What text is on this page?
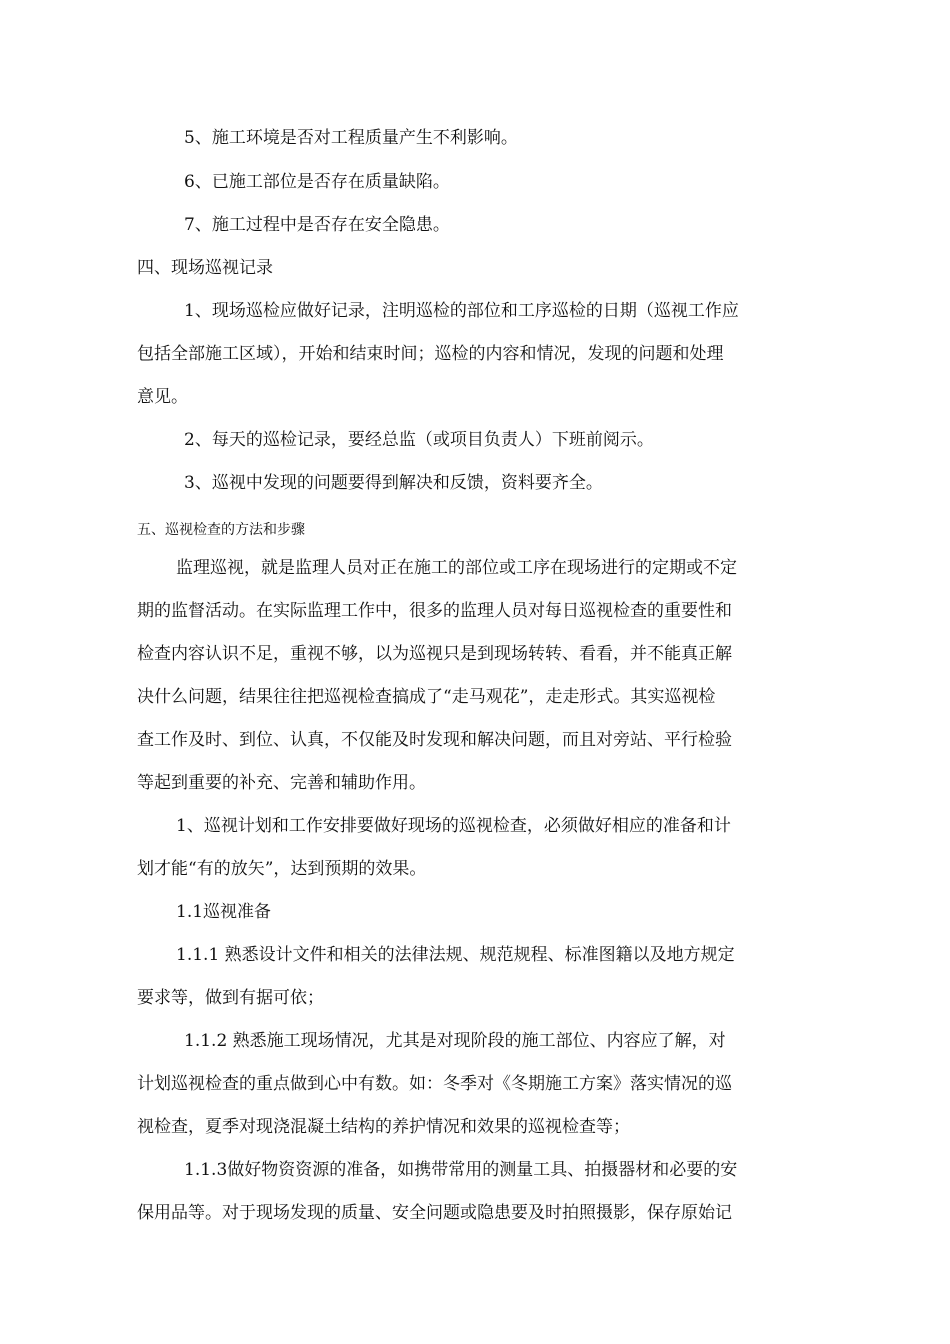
5、施工环境是否对工程质量产生不利影响。
6、已施工部位是否存在质量缺陷。
7、施工过程中是否存在安全隐患。
四、现场巡视记录
1、现场巡检应做好记录，注明巡检的部位和工序巡检的日期（巡视工作应
包括全部施工区域），开始和结束时间；巡检的内容和情况，发现的问题和处理
意见。
2、每天的巡检记录，要经总监（或项目负责人）下班前阅示。
3、巡视中发现的问题要得到解决和反馈，资料要齐全。
五、巡视检查的方法和步骤
监理巡视，就是监理人员对正在施工的部位或工序在现场进行的定期或不定
期的监督活动。在实际监理工作中，很多的监理人员对每日巡视检查的重要性和
检查内容认识不足，重视不够，以为巡视只是到现场转转、看看，并不能真正解
决什么问题，结果往往把巡视检查搞成了“走马观花”，走走形式。其实巡视检
查工作及时、到位、认真，不仅能及时发现和解决问题，而且对旁站、平行检验
等起到重要的补充、完善和辅助作用。
1、巡视计划和工作安排要做好现场的巡视检查，必须做好相应的准备和计
划才能“有的放矢”，达到预期的效果。
1.1巡视准备
1.1.1 熟悉设计文件和相关的法律法规、规范规程、标准图籍以及地方规定
要求等，做到有据可依；
1.1.2 熟悉施工现场情况，尤其是对现阶段的施工部位、内容应了解，对
计划巡视检查的重点做到心中有数。如：冬季对《冬期施工方案》落实情况的巡
视检查，夏季对现浇混凝土结构的养护情况和效果的巡视检查等；
1.1.3做好物资资源的准备，如携带常用的测量工具、拍摄器材和必要的安
保用品等。对于现场发现的质量、安全问题或隐患要及时拍照摄影，保存原始记
